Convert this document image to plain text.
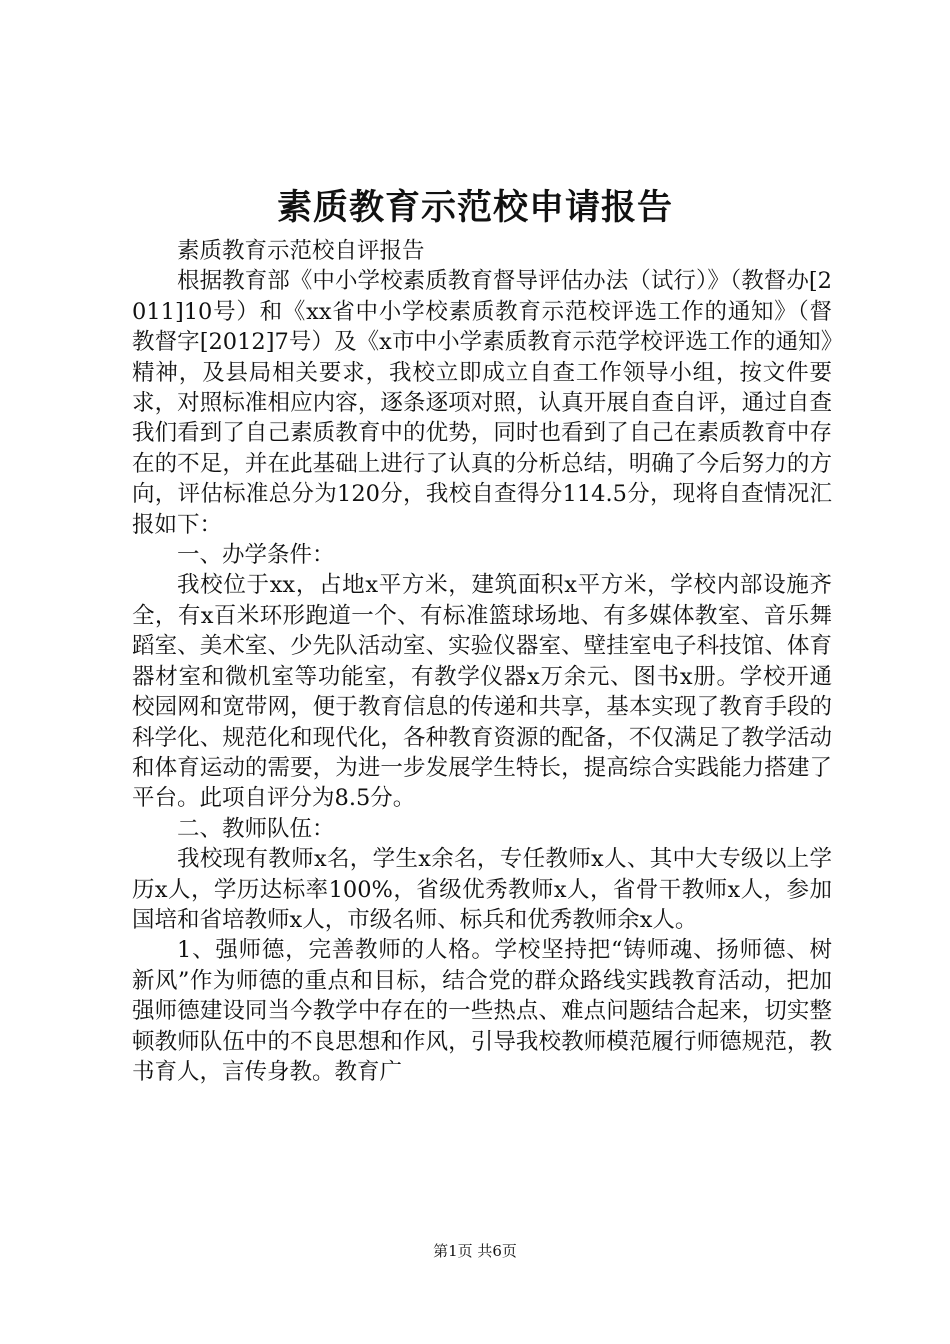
素质教育示范校申请报告

素质教育示范校自评报告

根据教育部《中小学校素质教育督导评估办法（试行）》（教督办[2011]10号）和《xx省中小学校素质教育示范校评选工作的通知》（督教督字[2012]7号）及《x市中小学素质教育示范学校评选工作的通知》精神，及县局相关要求，我校立即成立自查工作领导小组，按文件要求，对照标准相应内容，逐条逐项对照，认真开展自查自评，通过自查我们看到了自己素质教育中的优势，同时也看到了自己在素质教育中存在的不足，并在此基础上进行了认真的分析总结，明确了今后努力的方向，评估标准总分为120分，我校自查得分114.5分，现将自查情况汇报如下：

一、办学条件：

我校位于xx，占地x平方米，建筑面积x平方米，学校内部设施齐全，有x百米环形跑道一个、有标准篮球场地、有多媒体教室、音乐舞蹈室、美术室、少先队活动室、实验仪器室、壁挂室电子科技馆、体育器材室和微机室等功能室，有教学仪器x万余元、图书x册。学校开通校园网和宽带网，便于教育信息的传递和共享，基本实现了教育手段的科学化、规范化和现代化，各种教育资源的配备，不仅满足了教学活动和体育运动的需要，为进一步发展学生特长，提高综合实践能力搭建了平台。此项自评分为8.5分。

二、教师队伍：

我校现有教师x名，学生x余名，专任教师x人、其中大专级以上学历x人，学历达标率100%，省级优秀教师x人，省骨干教师x人，参加国培和省培教师x人，市级名师、标兵和优秀教师余x人。

1、强师德，完善教师的人格。学校坚持把“铸师魂、扬师德、树新风”作为师德的重点和目标，结合党的群众路线实践教育活动，把加强师德建设同当今教学中存在的一些热点、难点问题结合起来，切实整顿教师队伍中的不良思想和作风，引导我校教师模范履行师德规范，教书育人，言传身教。教育广

第1页 共6页
